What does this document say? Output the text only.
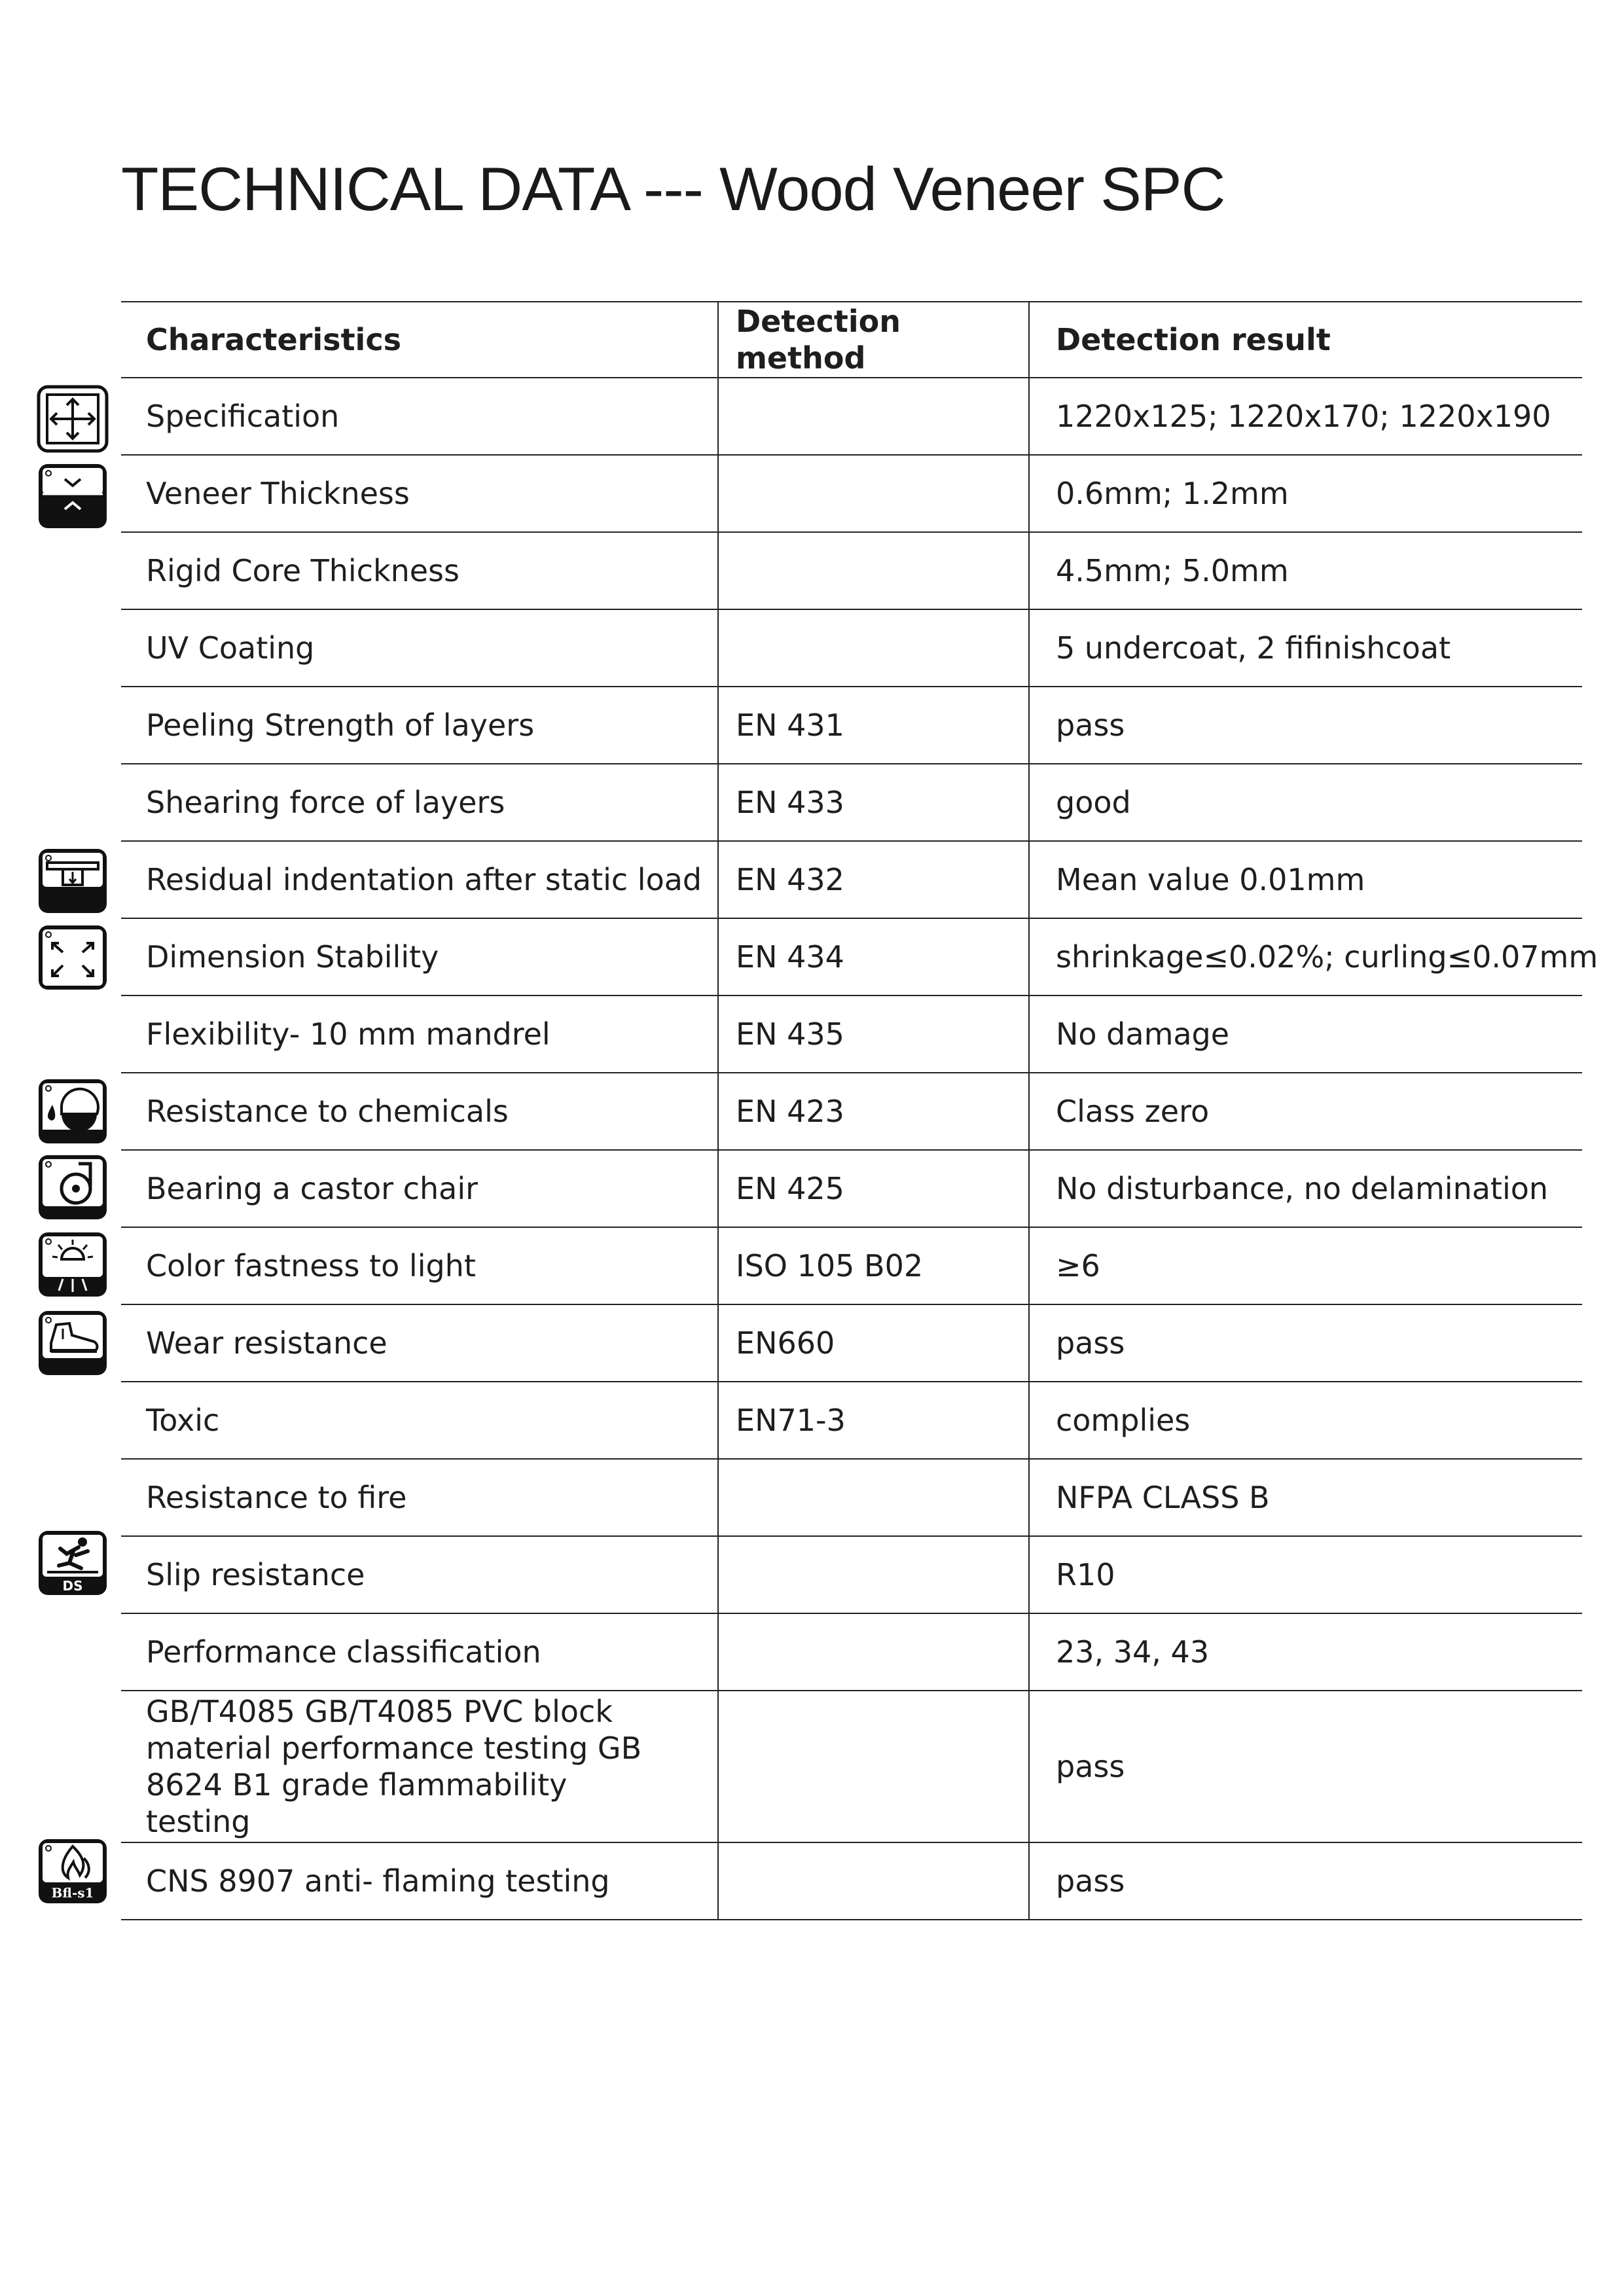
TECHNICAL DATA --- Wood Veneer SPC
Characteristics	Detection method	Detection result
Specification		1220x125; 1220x170; 1220x190
Veneer Thickness		0.6mm; 1.2mm
Rigid Core Thickness		4.5mm; 5.0mm
UV Coating		5 undercoat, 2 fifinishcoat
Peeling Strength of layers	EN 431	pass
Shearing force of layers	EN 433	good
Residual indentation after static load	EN 432	Mean value 0.01mm
Dimension Stability	EN 434	shrinkage≤0.02%; curling≤0.07mm
Flexibility- 10 mm mandrel	EN 435	No damage
Resistance to chemicals	EN 423	Class zero
Bearing a castor chair	EN 425	No disturbance, no delamination
Color fastness to light	ISO 105 B02	≥6
Wear resistance	EN660	pass
Toxic	EN71-3	complies
Resistance to fire		NFPA CLASS B
Slip resistance		R10
Performance classification		23, 34, 43
GB/T4085 GB/T4085 PVC block material performance testing GB 8624 B1 grade flammability testing		pass
CNS 8907 anti- flaming testing		pass
DS
Bfl-s1
